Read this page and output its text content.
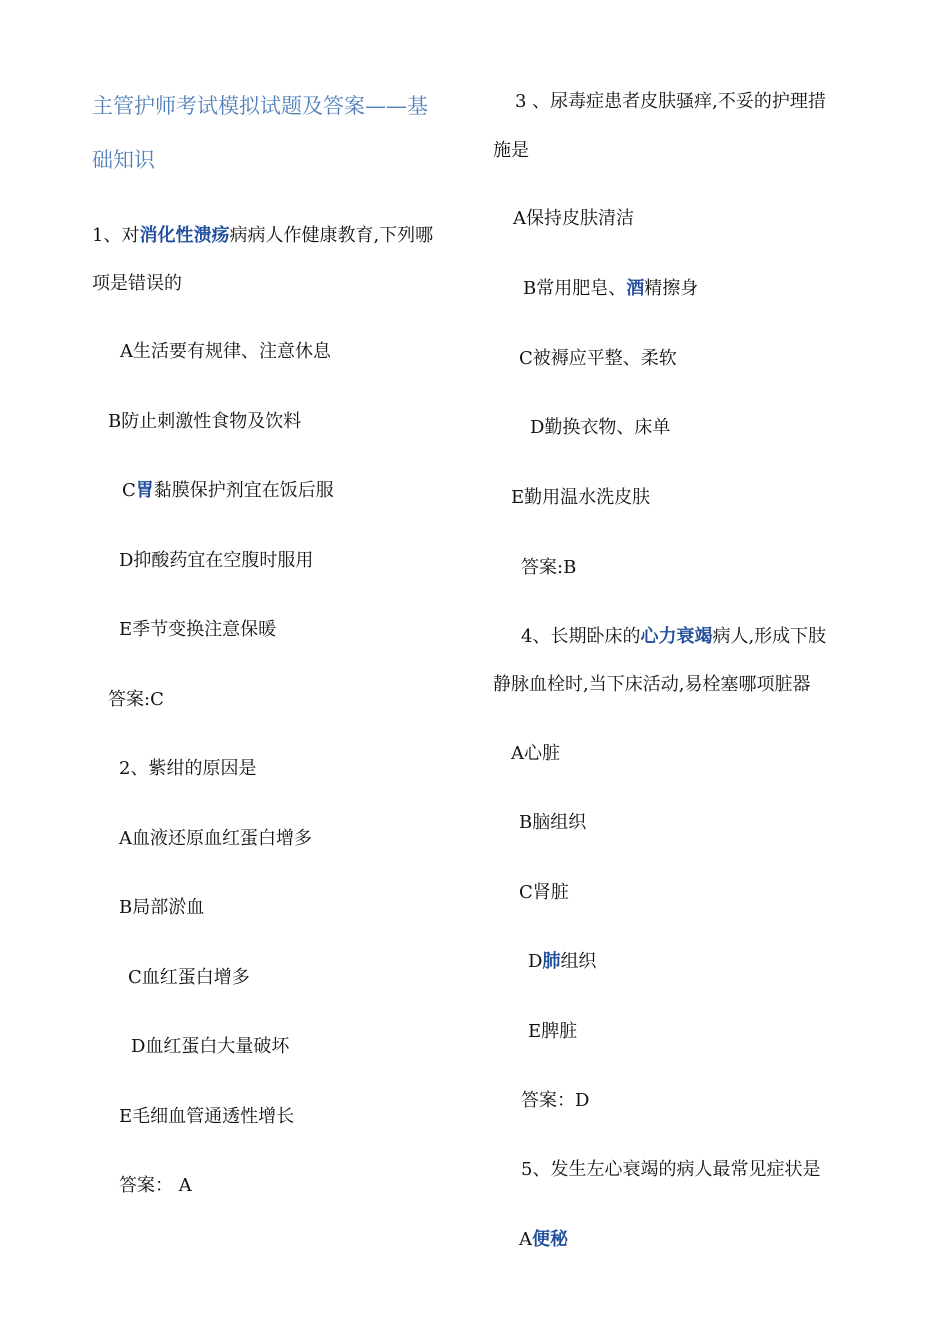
主管护师考试模拟试题及答案——基
础知识
1、对消化性溃疡病病人作健康教育,下列哪
项是错误的
A生活要有规律、注意休息
B防止刺激性食物及饮料
C胃黏膜保护剂宜在饭后服
D抑酸药宜在空腹时服用
E季节变换注意保暖
答案:C
2、紫绀的原因是
A血液还原血红蛋白增多
B局部淤血
C血红蛋白增多
D血红蛋白大量破坏
E毛细血管通透性增长
答案： A
3 、尿毒症患者皮肤骚痒,不妥的护理措
施是
A保持皮肤清洁
B常用肥皂、酒精擦身
C被褥应平整、柔软
D勤换衣物、床单
E勤用温水洗皮肤
答案:B
4、长期卧床的心力衰竭病人,形成下肢
静脉血栓时,当下床活动,易栓塞哪项脏器
A心脏
B脑组织
C肾脏
D肺组织
E脾脏
答案：D
5、发生左心衰竭的病人最常见症状是
A便秘
